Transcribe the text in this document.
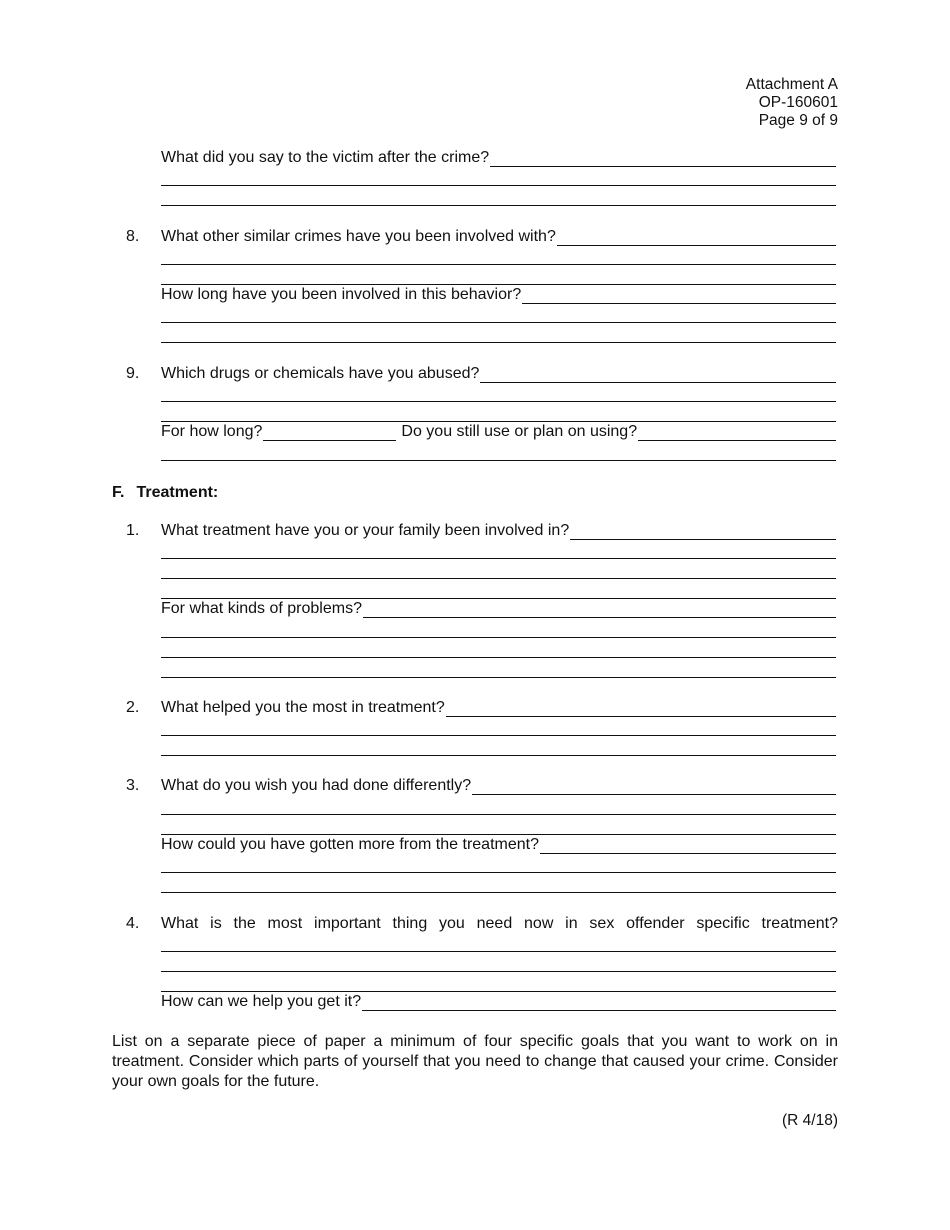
Attachment A
OP-160601
Page 9 of 9
What did you say to the victim after the crime?
8. What other similar crimes have you been involved with?
How long have you been involved in this behavior?
9. Which drugs or chemicals have you abused?
For how long?	Do you still use or plan on using?
F. Treatment:
1. What treatment have you or your family been involved in?
For what kinds of problems?
2. What helped you the most in treatment?
3. What do you wish you had done differently?
How could you have gotten more from the treatment?
4. What is the most important thing you need now in sex offender specific treatment?
How can we help you get it?
List on a separate piece of paper a minimum of four specific goals that you want to work on in treatment. Consider which parts of yourself that you need to change that caused your crime. Consider your own goals for the future.
(R 4/18)
